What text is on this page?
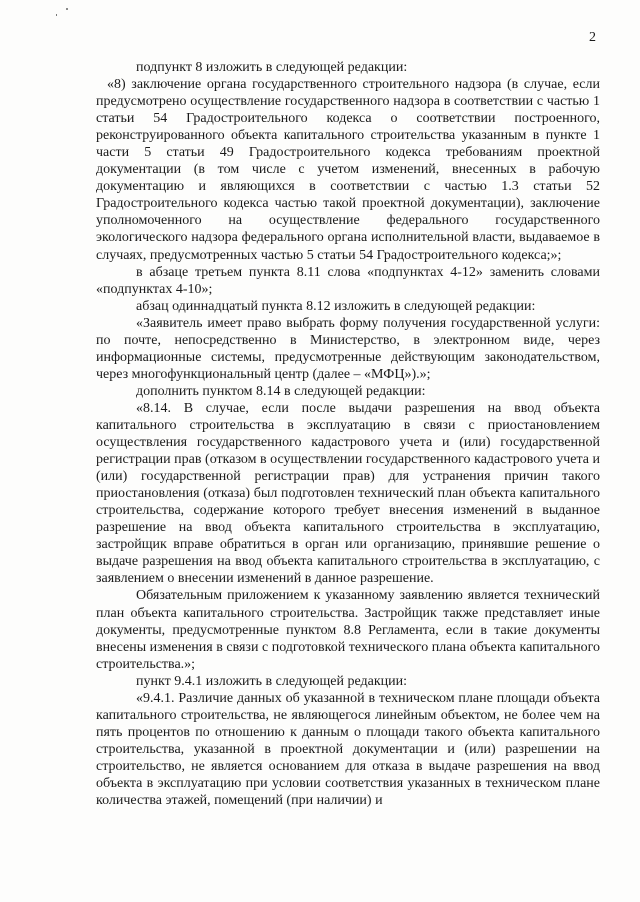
2

подпункт 8 изложить в следующей редакции:

«8) заключение органа государственного строительного надзора (в случае, если предусмотрено осуществление государственного надзора в соответствии с частью 1 статьи 54 Градостроительного кодекса о соответствии построенного, реконструированного объекта капитального строительства указанным в пункте 1 части 5 статьи 49 Градостроительного кодекса требованиям проектной документации (в том числе с учетом изменений, внесенных в рабочую документацию и являющихся в соответствии с частью 1.3 статьи 52 Градостроительного кодекса частью такой проектной документации), заключение уполномоченного на осуществление федерального государственного экологического надзора федерального органа исполнительной власти, выдаваемое в случаях, предусмотренных частью 5 статьи 54 Градостроительного кодекса;»;

в абзаце третьем пункта 8.11 слова «подпунктах 4-12» заменить словами «подпунктах 4-10»;

абзац одиннадцатый пункта 8.12 изложить в следующей редакции:

«Заявитель имеет право выбрать форму получения государственной услуги: по почте, непосредственно в Министерство, в электронном виде, через информационные системы, предусмотренные действующим законодательством, через многофункциональный центр (далее – «МФЦ»).»;

дополнить пунктом 8.14 в следующей редакции:

«8.14. В случае, если после выдачи разрешения на ввод объекта капитального строительства в эксплуатацию в связи с приостановлением осуществления государственного кадастрового учета и (или) государственной регистрации прав (отказом в осуществлении государственного кадастрового учета и (или) государственной регистрации прав) для устранения причин такого приостановления (отказа) был подготовлен технический план объекта капитального строительства, содержание которого требует внесения изменений в выданное разрешение на ввод объекта капитального строительства в эксплуатацию, застройщик вправе обратиться в орган или организацию, принявшие решение о выдаче разрешения на ввод объекта капитального строительства в эксплуатацию, с заявлением о внесении изменений в данное разрешение.

Обязательным приложением к указанному заявлению является технический план объекта капитального строительства. Застройщик также представляет иные документы, предусмотренные пунктом 8.8 Регламента, если в такие документы внесены изменения в связи с подготовкой технического плана объекта капитального строительства.»;

пункт 9.4.1 изложить в следующей редакции:

«9.4.1. Различие данных об указанной в техническом плане площади объекта капитального строительства, не являющегося линейным объектом, не более чем на пять процентов по отношению к данным о площади такого объекта капитального строительства, указанной в проектной документации и (или) разрешении на строительство, не является основанием для отказа в выдаче разрешения на ввод объекта в эксплуатацию при условии соответствия указанных в техническом плане количества этажей, помещений (при наличии) и
